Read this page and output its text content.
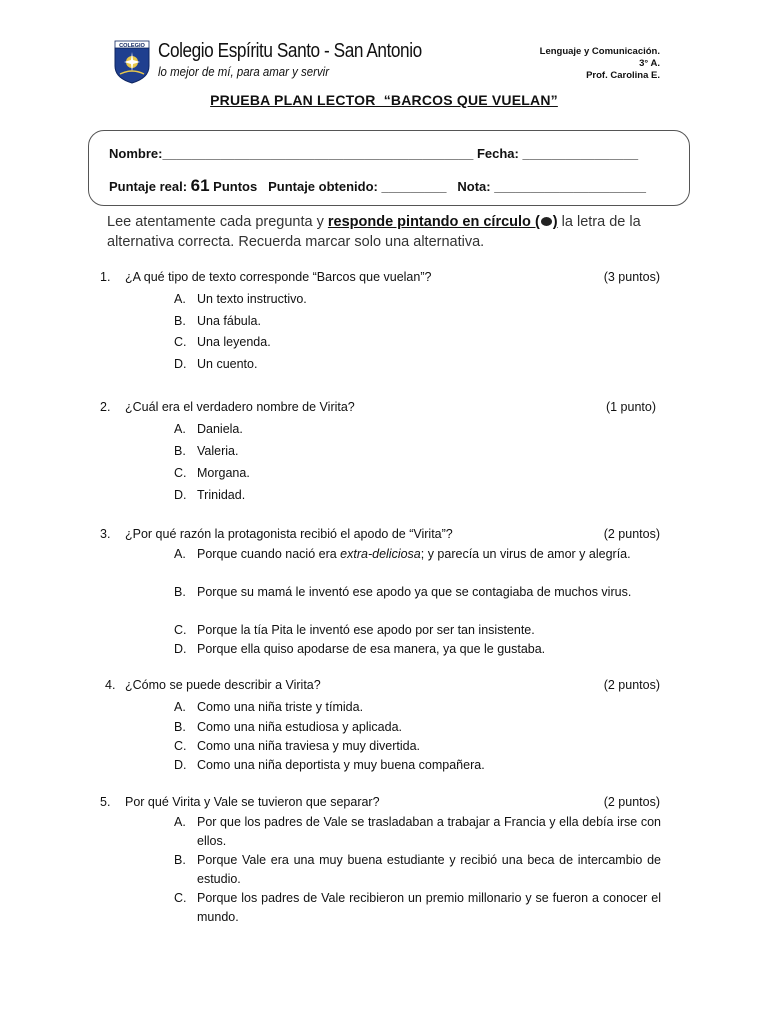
COLEGIO Colegio Espíritu Santo - San Antonio
lo mejor de mí, para amar y servir
Lenguaje y Comunicación.
3° A.
Prof. Carolina E.
PRUEBA PLAN LECTOR  “BARCOS QUE VUELAN”
Nombre:___________________________________________ Fecha: ________________
Puntaje real: 61 Puntos Puntaje obtenido: _________ Nota: _____________________
Lee atentamente cada pregunta y responde pintando en círculo ( ) la letra de la alternativa correcta. Recuerda marcar solo una alternativa.
1. ¿A qué tipo de texto corresponde “Barcos que vuelan”?	(3 puntos)
A. Un texto instructivo.
B. Una fábula.
C. Una leyenda.
D. Un cuento.
2. ¿Cuál era el verdadero nombre de Virita?	(1 punto)
A. Daniela.
B. Valeria.
C. Morgana.
D. Trinidad.
3. ¿Por qué razón la protagonista recibió el apodo de “Virita”?	(2 puntos)
A. Porque cuando nació era extra-deliciosa; y parecía un virus de amor y alegría.
B. Porque su mamá le inventó ese apodo ya que se contagiaba de muchos virus.
C. Porque la tía Pita le inventó ese apodo por ser tan insistente.
D. Porque ella quiso apodarse de esa manera, ya que le gustaba.
4. ¿Cómo se puede describir a Virita?	(2 puntos)
A. Como una niña triste y tímida.
B. Como una niña estudiosa y aplicada.
C. Como una niña traviesa y muy divertida.
D. Como una niña deportista y muy buena compañera.
5. Por qué Virita y Vale se tuvieron que separar?	(2 puntos)
A. Por que los padres de Vale se trasladaban a trabajar a Francia y ella debía irse con ellos.
B. Porque Vale era una muy buena estudiante y recibió una beca de intercambio de estudio.
C. Porque los padres de Vale recibieron un premio millonario y se fueron a conocer el mundo.
